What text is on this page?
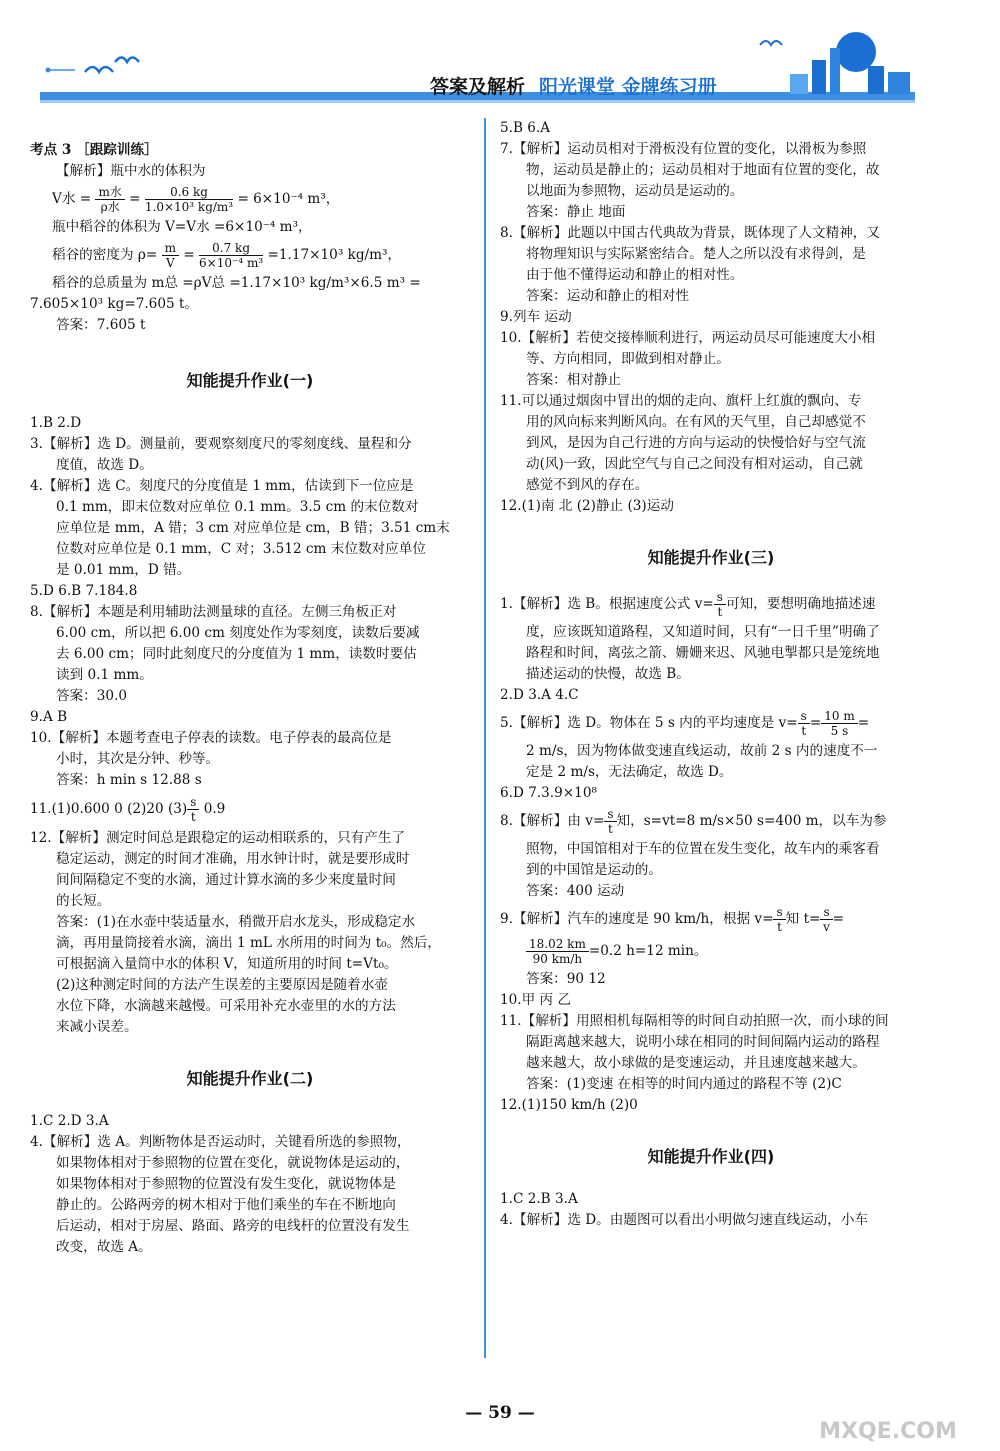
答案及解析 阳光课堂 金牌练习册

考点 3 ［跟踪训练］

【解析】瓶中水的体积为

V水 = $\frac{\text{m水}}{\text{ρ水}} = \frac{0.6 kg}{\text{1.0×10³ kg/m³}} = 6\times 10^{-4}$ m³，

瓶中稻谷的体积为 V=V水 =6×10⁻⁴ m³，

稻谷的密度为 $\rho= \frac{m}{V} = \frac{0.7 kg}{\text{6×10⁻⁴ m³}} =1.17\times 10^3$ kg/m³，

稻谷的总质量为 m总 =ρV总 =1.17×10³ kg/m³×6.5 m³ =

7.605×10³ kg=7.605 t。

答案：7.605 t

知能提升作业(一)

1.B 2.D

3.【解析】选 D。测量前，要观察刻度尺的零刻度线、量程和分

度值，故选 D。

4.【解析】选 C。刻度尺的分度值是 1 mm，估读到下一位应是

0.1 mm，即末位数对应单位 0.1 mm。3.5 cm 的末位数对

应单位是 mm，A 错；3 cm 对应单位是 cm，B 错；3.51 cm末

位数对应单位是 0.1 mm，C 对；3.512 cm 末位数对应单位

是 0.01 mm，D 错。

5.D 6.B 7.184.8

8.【解析】本题是利用辅助法测量球的直径。左侧三角板正对

6.00 cm，所以把 6.00 cm 刻度处作为零刻度，读数后要减

去 6.00 cm；同时此刻度尺的分度值为 1 mm，读数时要估

读到 0.1 mm。

答案：30.0

9.A B

10.【解析】本题考查电子停表的读数。电子停表的最高位是

小时，其次是分钟、秒等。

答案：h min s 12.88 s

11.(1)0.600 0 (2)20 $(3) \frac{s}{t} 0.9$

12.【解析】测定时间总是跟稳定的运动相联系的，只有产生了

稳定运动，测定的时间才准确，用水钟计时，就是要形成时

间间隔稳定不变的水滴，通过计算水滴的多少来度量时间

的长短。

答案：(1)在水壶中装适量水，稍微开启水龙头，形成稳定水

滴，再用量筒接着水滴，滴出 1 mL 水所用的时间为 t₀。然后，

可根据滴入量筒中水的体积 V，知道所用的时间 t=Vt₀。

(2)这种测定时间的方法产生误差的主要原因是随着水壶

水位下降，水滴越来越慢。可采用补充水壶里的水的方法

来减小误差。

知能提升作业(二)

1.C 2.D 3.A

4.【解析】选 A。判断物体是否运动时，关键看所选的参照物，

如果物体相对于参照物的位置在变化，就说物体是运动的，

如果物体相对于参照物的位置没有发生变化，就说物体是

静止的。公路两旁的树木相对于他们乘坐的车在不断地向

后运动，相对于房屋、路面、路旁的电线杆的位置没有发生

改变，故选 A。

5.B 6.A

7.【解析】运动员相对于滑板没有位置的变化，以滑板为参照

物，运动员是静止的；运动员相对于地面有位置的变化，故

以地面为参照物，运动员是运动的。

答案：静止 地面

8.【解析】此题以中国古代典故为背景，既体现了人文精神，又

将物理知识与实际紧密结合。楚人之所以没有求得剑，是

由于他不懂得运动和静止的相对性。

答案：运动和静止的相对性

9.列车 运动

10.【解析】若使交接棒顺利进行，两运动员尽可能速度大小相

等、方向相同，即做到相对静止。

答案：相对静止

11.可以通过烟囱中冒出的烟的走向、旗杆上红旗的飘向、专

用的风向标来判断风向。在有风的天气里，自己却感觉不

到风，是因为自己行进的方向与运动的快慢恰好与空气流

动(风)一致，因此空气与自己之间没有相对运动，自己就

感觉不到风的存在。

12.(1)南 北 (2)静止 (3)运动

知能提升作业(三)

1.【解析】选 B。根据速度公式 $v= \frac{s}{t}$ 可知，要想明确地描述速

度，应该既知道路程，又知道时间，只有“一日千里”明确了

路程和时间，离弦之箭、姗姗来迟、风驰电掣都只是笼统地

描述运动的快慢，故选 B。

2.D 3.A 4.C

5.【解析】选 D。物体在 5 s 内的平均速度是 $v= \frac{s}{t} = \frac{10 m}{5 s}$ =

2 m/s，因为物体做变速直线运动，故前 2 s 内的速度不一

定是 2 m/s，无法确定，故选 D。

6.D 7.3.9×10⁸

8.【解析】由 $v= \frac{s}{t}$ 知，s=vt=8 m/s×50 s=400 m，以车为参

照物，中国馆相对于车的位置在发生变化，故车内的乘客看

到的中国馆是运动的。

答案：400 运动

9.【解析】汽车的速度是 90 km/h，根据 $v= \frac{s}{t}$ 知 $t= \frac{s}{v}$ =

$\frac{18.02 km}{90 km/h} =0.2$ h=12 min。

答案：90 12

10.甲 丙 乙

11.【解析】用照相机每隔相等的时间自动拍照一次，而小球的间

隔距离越来越大，说明小球在相同的时间间隔内运动的路程

越来越大，故小球做的是变速运动，并且速度越来越大。

答案：(1)变速 在相等的时间内通过的路程不等 (2)C

12.(1)150 km/h (2)0

知能提升作业(四)

1.C 2.B 3.A

4.【解析】选 D。由题图可以看出小明做匀速直线运动，小车

— 59 —
MXQE.COM
